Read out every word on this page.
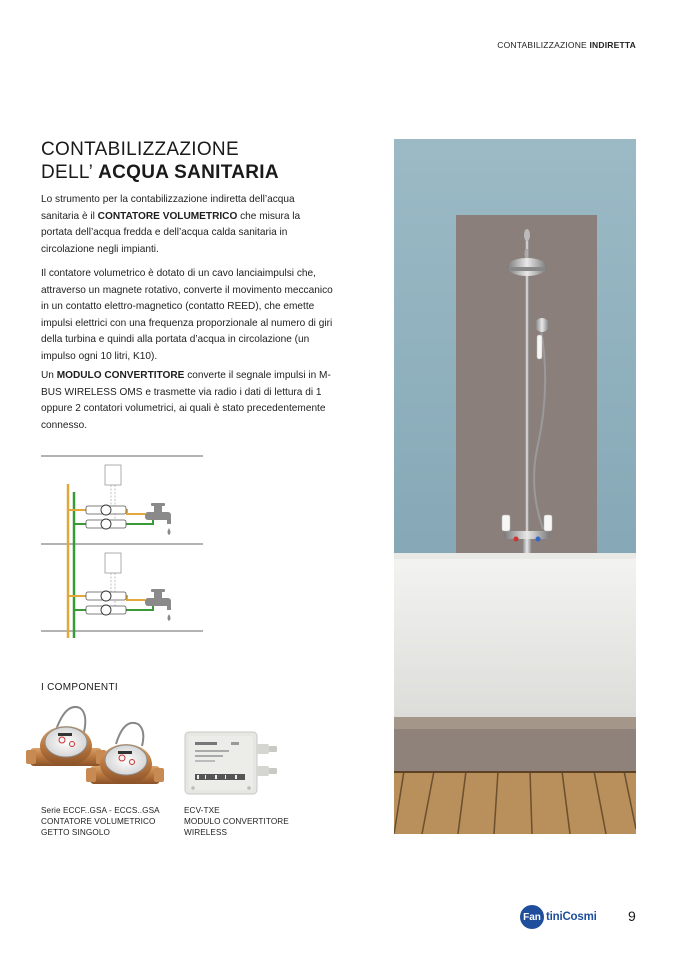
CONTABILIZZAZIONE INDIRETTA
CONTABILIZZAZIONE
DELL’ ACQUA SANITARIA
Lo strumento per la contabilizzazione indiretta dell’acqua sanitaria è il CONTATORE VOLUMETRICO che misura la portata dell’acqua fredda e dell’acqua calda sanitaria in circolazione negli impianti.
Il contatore volumetrico è dotato di un cavo lanciaimpulsi che, attraverso un magnete rotativo, converte il movimento meccanico in un contatto elettro-magnetico (contatto REED), che emette impulsi elettrici con una frequenza proporzionale al numero di giri della turbina e quindi alla portata d’acqua in circolazione (un impulso ogni 10 litri, K10).
Un MODULO CONVERTITORE converte il segnale impulsi in M-BUS WIRELESS OMS e trasmette via radio i dati di lettura di 1 oppure 2 contatori volumetrici, ai quali è stato precedentemente connesso.
I COMPONENTI
Serie ECCF..GSA - ECCS..GSA
CONTATORE VOLUMETRICO
GETTO SINGOLO
ECV-TXE
MODULO CONVERTITORE
WIRELESS
Fan tiniCosmi 9
